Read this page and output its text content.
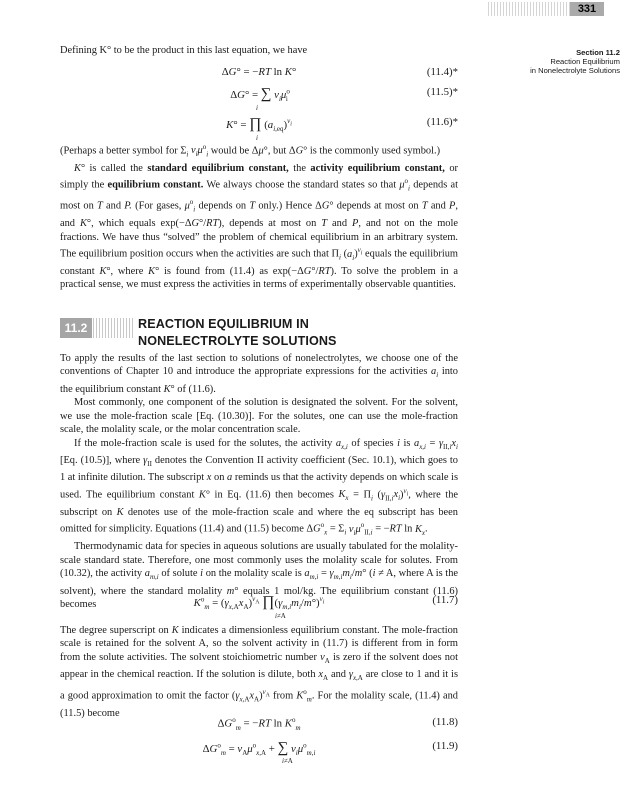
331
Section 11.2
Reaction Equilibrium
in Nonelectrolyte Solutions
Defining K° to be the product in this last equation, we have
ΔG° = −RT ln K°	(11.4)*
ΔG° = ∑ $\nu_i\mu^o_i$
(11.5)*
i
K° = ∏ $(a_{i,eq})^{\nu_i}$	(11.6)*
i

(Perhaps a better symbol for $\Sigma_i$ $\nu_i\mu^o_i$ would be Δμ°, but ΔG° is the commonly used symbol.)

K° is called the standard equilibrium constant, the activity equilibrium constant, or simply the equilibrium constant. We always choose the standard states so that $\mu^o_i$ depends at most on T and P. (For gases, $\mu^o_i$ depends on T only.) Hence ΔG° depends at most on T and P, and K°, which equals exp(−ΔG°/RT), depends at most on T and P, and not on the mole fractions. We have thus “solved” the problem of chemical equilibrium in an arbitrary system. The equilibrium position occurs when the activities are such that $\Pi_i$ $(a_i)^{\nu_i}$ equals the equilibrium constant K°, where K° is found from (11.4) as exp(−ΔG°/RT). To solve the problem in a practical sense, we must express the activities in terms of experimentally observable quantities.

11.2	REACTION EQUILIBRIUM IN
NONELECTROLYTE SOLUTIONS

To apply the results of the last section to solutions of nonelectrolytes, we choose one of the conventions of Chapter 10 and introduce the appropriate expressions for the activities $a_i$ into the equilibrium constant K° of (11.6).

Most commonly, one component of the solution is designated the solvent. For the solvent, we use the mole-fraction scale [Eq. (10.30)]. For the solutes, one can use the mole-fraction scale, the molality scale, or the molar concentration scale.

If the mole-fraction scale is used for the solutes, the activity $a_{x,i}$ of species i is $a_{x,i} = \gamma_{II,i}x_i$ [Eq. (10.5)], where $\gamma_{II}$ denotes the Convention II activity coefficient (Sec. 10.1), which goes to 1 at infinite dilution. The subscript x on a reminds us that the activity depends on which scale is used. The equilibrium constant K° in Eq. (11.6) then becomes $K_x = \Pi_i$ $(\gamma_{II,i}x_i)^{\nu_i}$, where the subscript on K denotes use of the mole-fraction scale and where the eq subscript has been omitted for simplicity. Equations (11.4) and (11.5) become $\Delta G^o_x = \Sigma_i$ $\nu_i\mu^o_{II,i} = -RT$ $\ln K_x$.

Thermodynamic data for species in aqueous solutions are usually tabulated for the molality-scale standard state. Therefore, one most commonly uses the molality scale for solutes. From (10.32), the activity $a_{m,i}$ of solute i on the molality scale is $a_{m,i} = \gamma_{m,i}m_i/m^\circ$ (i ≠ A, where A is the solvent), where the standard molality m° equals 1 mol/kg. The equilibrium constant (11.6) becomes	$K^o_m = (\gamma_{x,A}x_A)^{\nu_A}$ $\prod(\gamma_{m,i}m_i/m^\circ)^{\nu_i}$	(11.7)
i≠A

The degree superscript on K indicates a dimensionless equilibrium constant. The mole-fraction scale is retained for the solvent A, so the solvent activity in (11.7) is different from in form from the solute activities. The solvent stoichiometric number $\nu_A$ is zero if the solvent does not appear in the chemical reaction. If the solution is dilute, both $x_A$ and $\gamma_{x,A}$ are close to 1 and it is a good approximation to omit the factor $(\gamma_{x,A}x_A)^{\nu_A}$ from $K^o_m$. For the molality scale, (11.4) and (11.5) become

$\Delta G^o_m = -RT$ $\ln K^o_m$	(11.8)
$\Delta G^o_m = \nu_A\mu^o_{x,A}$ + ∑ $\nu_i\mu^o_{m,i}$
(11.9)
i≠A
